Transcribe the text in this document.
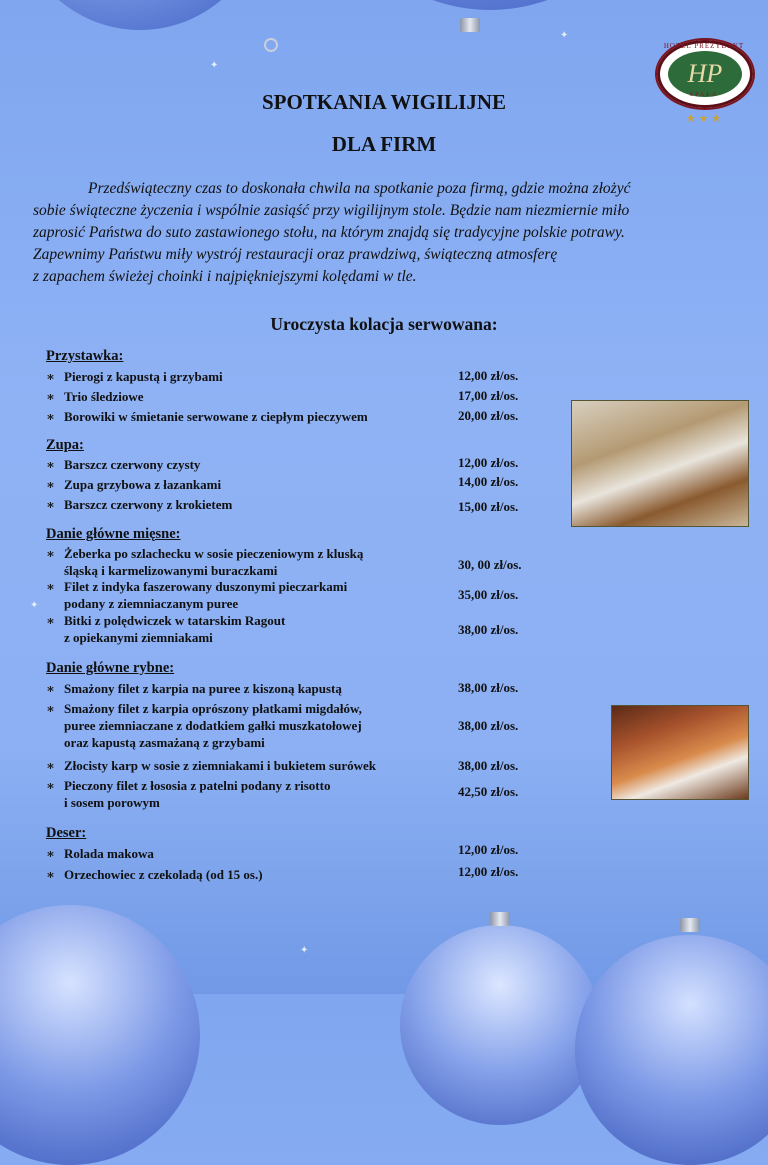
✦
✦
✦
✦
HP
HOTEL PREZYDENT
SPAŁA
★★★
SPOTKANIA WIGILIJNE
DLA FIRM

Przedświąteczny czas to doskonała chwila na spotkanie poza firmą, gdzie można złożyć

sobie świąteczne życzenia i wspólnie zasiąść przy wigilijnym stole. Będzie nam niezmiernie miło

zaprosić Państwa do suto zastawionego stołu, na którym znajdą się tradycyjne polskie potrawy.

Zapewnimy Państwu miły wystrój restauracji oraz prawdziwą, świąteczną atmosferę

z zapachem świeżej choinki i najpiękniejszymi kolędami w tle.

Uroczysta kolacja serwowana:
Przystawka:
∗ Pierogi z kapustą i grzybami	12,00 zł/os.
∗ Trio śledziowe	17,00 zł/os.
∗ Borowiki w śmietanie serwowane z ciepłym pieczywem	20,00 zł/os.
Zupa:
∗ Barszcz czerwony czysty	12,00 zł/os.
∗ Zupa grzybowa z łazankami	14,00 zł/os.
∗ Barszcz czerwony z krokietem	15,00 zł/os.
Danie główne mięsne:
∗ Żeberka po szlachecku w sosie pieczeniowym z kluską
śląską i karmelizowanymi buraczkami	30, 00 zł/os.
∗ Filet z indyka faszerowany duszonymi pieczarkami
podany z ziemniaczanym puree
35,00 zł/os.
∗ Bitki z polędwiczek w tatarskim Ragout
z opiekanymi ziemniakami
38,00 zł/os.
Danie główne rybne:
∗ Smażony filet z karpia na puree z kiszoną kapustą	38,00 zł/os.
∗ Smażony filet z karpia oprószony płatkami migdałów,
puree ziemniaczane z dodatkiem gałki muszkatołowej
oraz kapustą zasmażaną z grzybami
38,00 zł/os.
∗ Złocisty karp w sosie z ziemniakami i bukietem surówek	38,00 zł/os.
∗ Pieczony filet z łososia z patelni podany z risotto
i sosem porowym
42,50 zł/os.
Deser:
∗ Rolada makowa	12,00 zł/os.
∗ Orzechowiec z czekoladą (od 15 os.)	12,00 zł/os.
